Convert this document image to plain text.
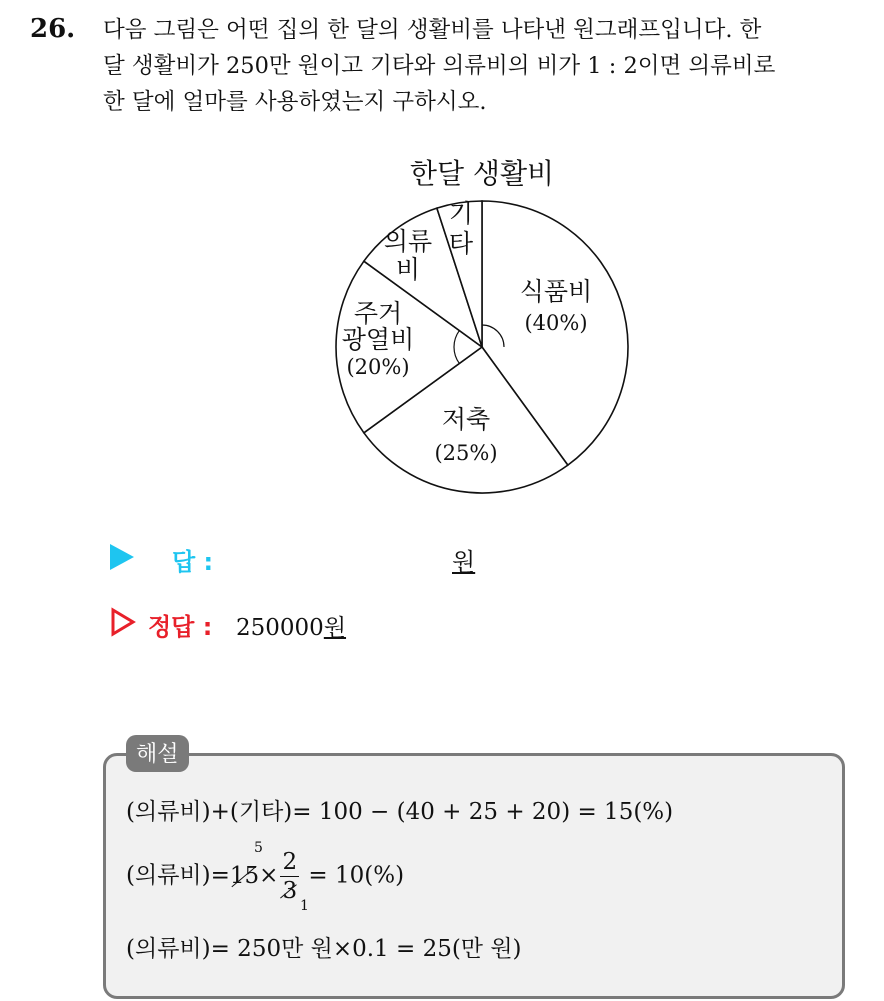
26. 다음 그림은 어떤 집의 한 달의 생활비를 나타낸 원그래프입니다. 한
달 생활비가 250만 원이고 기타와 의류비의 비가 1 : 2이면 의류비로
한 달에 얼마를 사용하였는지 구하시오.
한달 생활비
식품비
(40%)
저축
(25%)
주거
광열비
(20%)
의류
비
기
타
답 :	원
정답 : 250000원
해설
(의류비)+(기타)= 100 − (40 + 25 + 20) = 15(%)
(의류비)=15
× $\frac{2}{3} = 10(\%)$
5
1
(의류비)= 250만 원×0.1 = 25(만 원)
